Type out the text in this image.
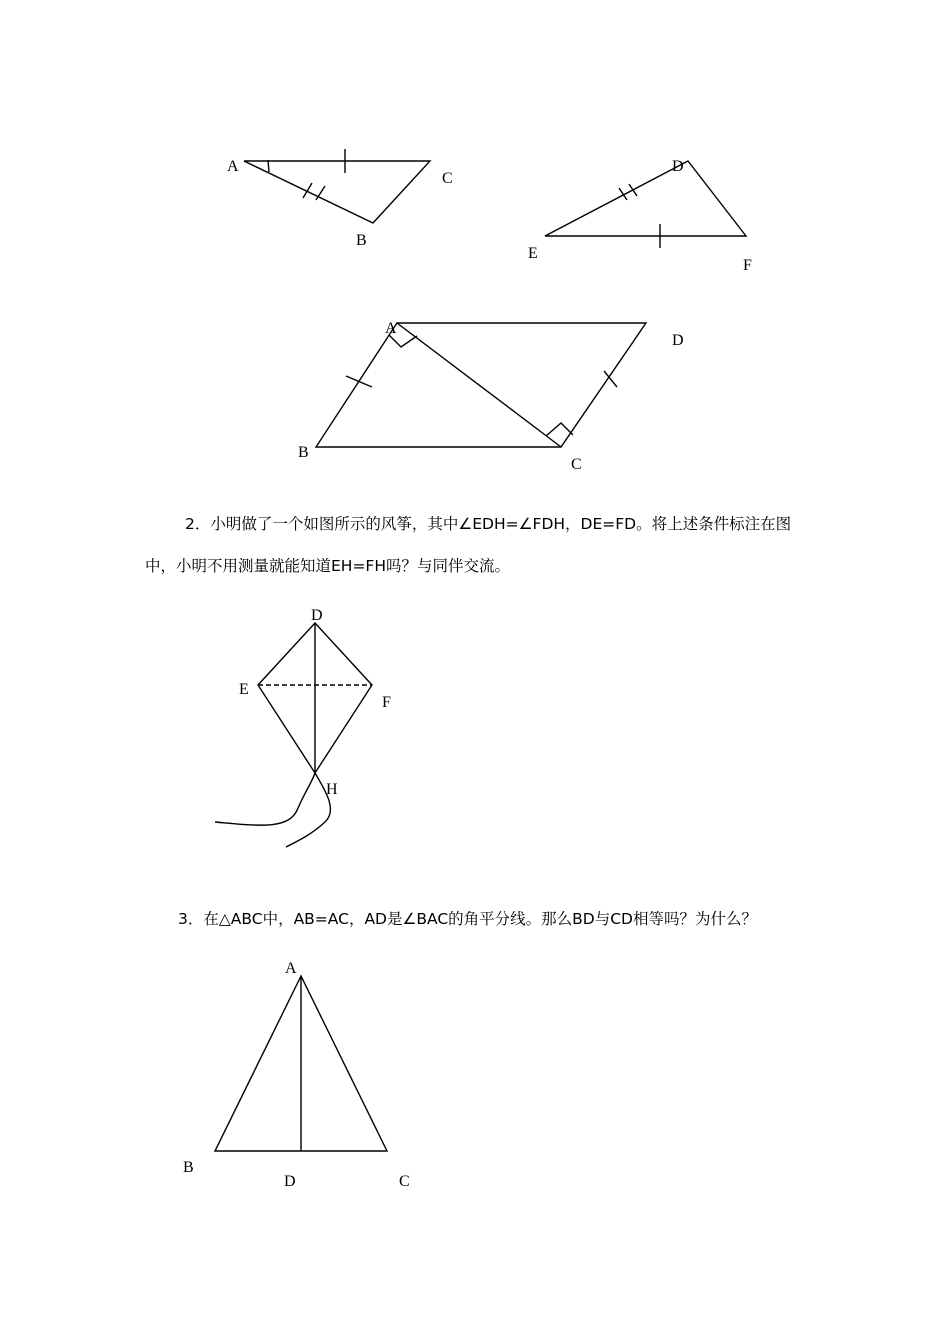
A
B
C
D
E
F
A
B
C
D
D
E
F
H
A
B
C
D
2．小明做了一个如图所示的风筝，其中∠EDH=∠FDH，DE=FD。将上述条件标注在图
中，小明不用测量就能知道EH=FH吗？与同伴交流。
3．在△ABC中，AB=AC，AD是∠BAC的角平分线。那么BD与CD相等吗？为什么？
